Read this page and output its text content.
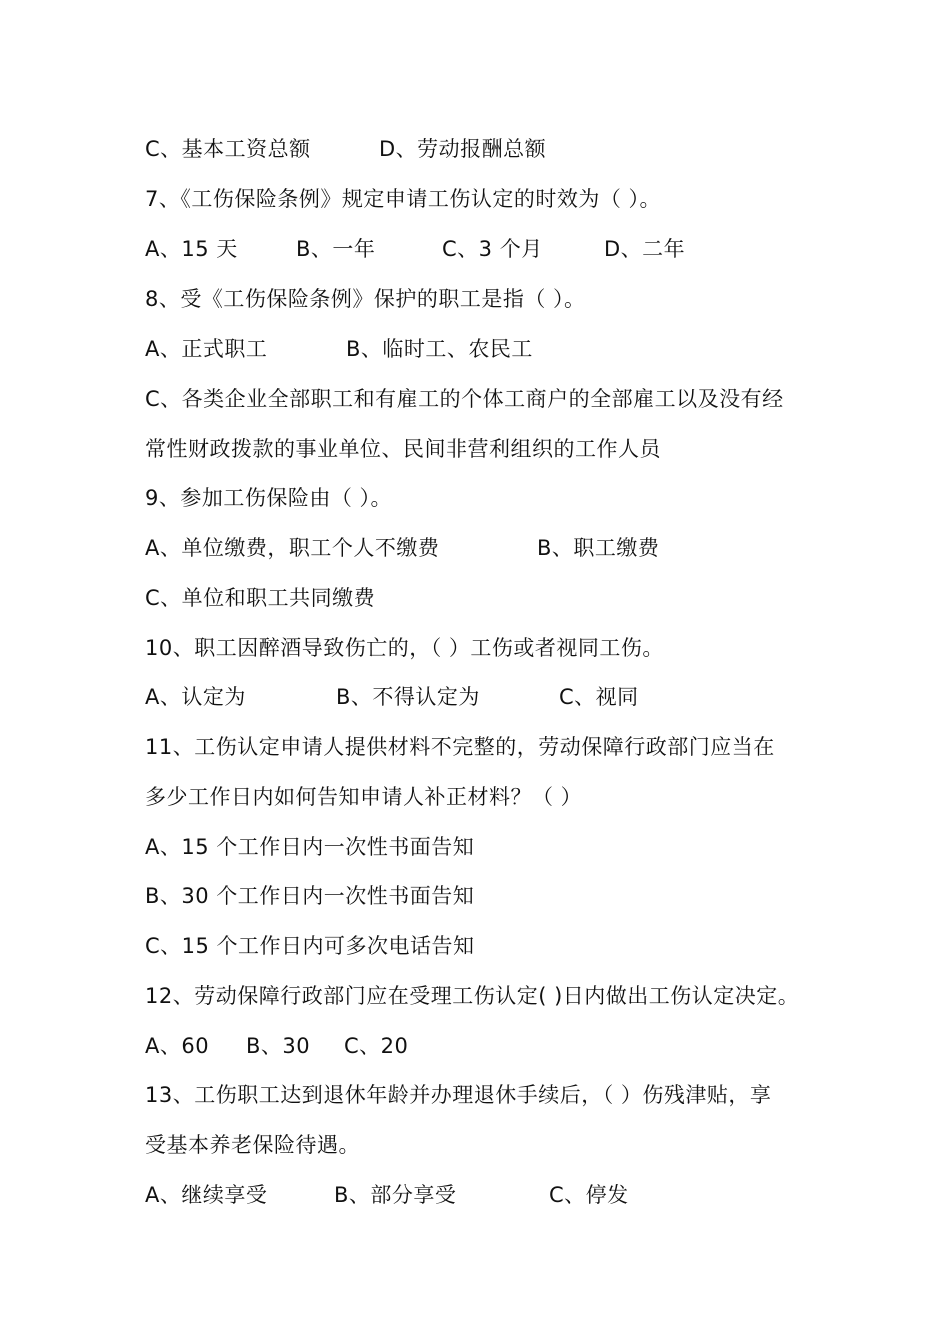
C、基本工资总额	D、劳动报酬总额
7、《工伤保险条例》规定申请工伤认定的时效为（ ）。
A、15 天	B、一年	C、3 个月	D、二年
8、受《工伤保险条例》保护的职工是指（ ）。
A、正式职工	B、临时工、农民工
C、各类企业全部职工和有雇工的个体工商户的全部雇工以及没有经
常性财政拨款的事业单位、民间非营利组织的工作人员
9、参加工伤保险由（ ）。
A、单位缴费，职工个人不缴费	B、职工缴费
C、单位和职工共同缴费
10、职工因醉酒导致伤亡的，（ ）工伤或者视同工伤。
A、认定为	B、不得认定为	C、视同
11、工伤认定申请人提供材料不完整的，劳动保障行政部门应当在
多少工作日内如何告知申请人补正材料？（ ）
A、15 个工作日内一次性书面告知
B、30 个工作日内一次性书面告知
C、15 个工作日内可多次电话告知
12、劳动保障行政部门应在受理工伤认定( )日内做出工伤认定决定。
A、60 B、30 C、20
13、工伤职工达到退休年龄并办理退休手续后，（ ）伤残津贴，享
受基本养老保险待遇。
A、继续享受	B、部分享受	C、停发
